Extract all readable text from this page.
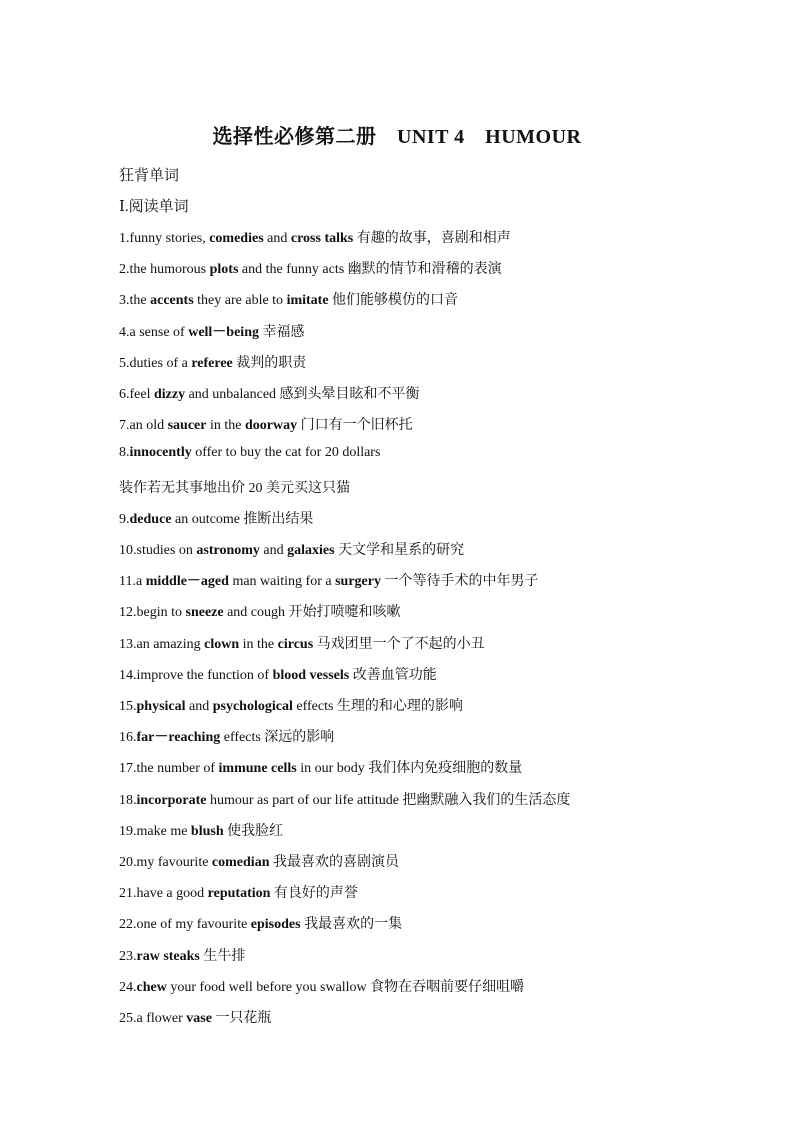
选择性必修第二册　UNIT 4　HUMOUR
狂背单词
Ⅰ.阅读单词
1.funny stories, comedies and cross talks 有趣的故事，喜剧和相声
2.the humorous plots and the funny acts 幽默的情节和滑稽的表演
3.the accents they are able to imitate 他们能够模仿的口音
4.a sense of well－being 幸福感
5.duties of a referee 裁判的职责
6.feel dizzy and unbalanced 感到头晕目眩和不平衡
7.an old saucer in the doorway 门口有一个旧杯托
8.innocently offer to buy the cat for 20 dollars
装作若无其事地出价 20 美元买这只猫
9.deduce an outcome 推断出结果
10.studies on astronomy and galaxies 天文学和星系的研究
11.a middle－aged man waiting for a surgery 一个等待手术的中年男子
12.begin to sneeze and cough 开始打喷嚏和咳嗽
13.an amazing clown in the circus 马戏团里一个了不起的小丑
14.improve the function of blood vessels 改善血管功能
15.physical and psychological effects 生理的和心理的影响
16.far－reaching effects 深远的影响
17.the number of immune cells in our body 我们体内免疫细胞的数量
18.incorporate humour as part of our life attitude 把幽默融入我们的生活态度
19.make me blush 使我脸红
20.my favourite comedian 我最喜欢的喜剧演员
21.have a good reputation 有良好的声誉
22.one of my favourite episodes 我最喜欢的一集
23.raw steaks 生牛排
24.chew your food well before you swallow 食物在吞咽前要仔细咀嚼
25.a flower vase 一只花瓶
